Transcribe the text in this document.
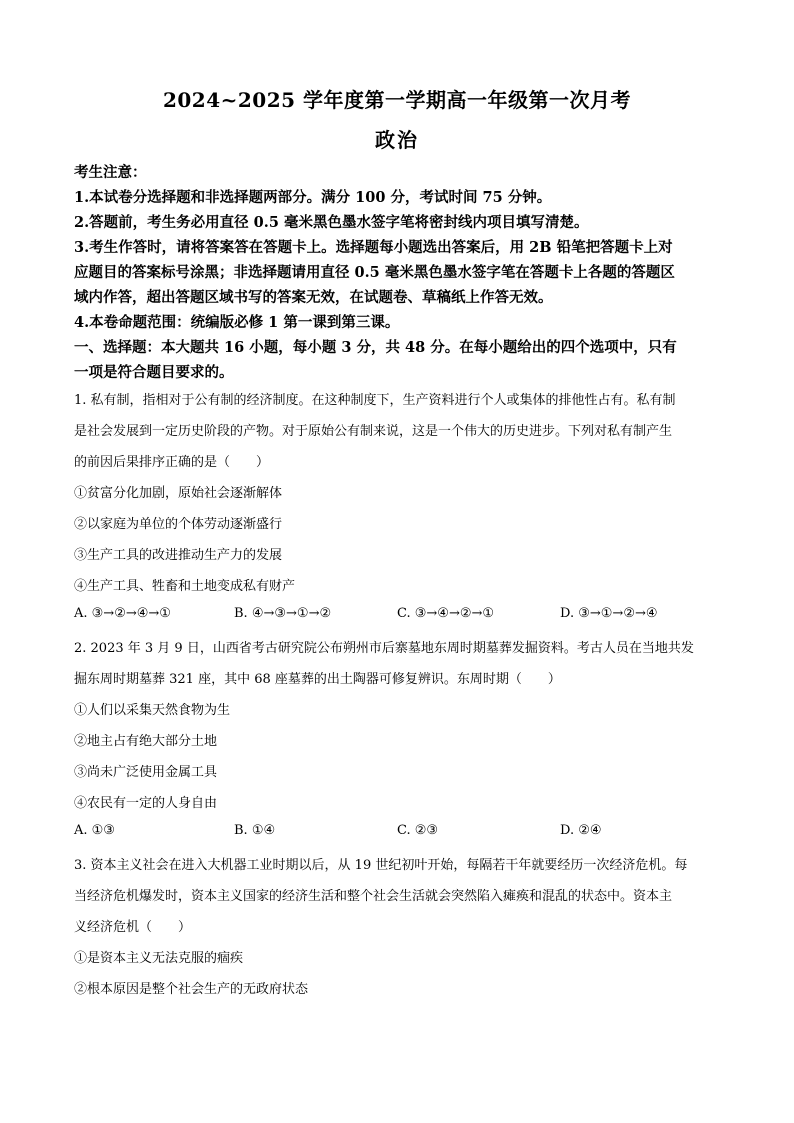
2024~2025 学年度第一学期高一年级第一次月考
政治
考生注意：
1.本试卷分选择题和非选择题两部分。满分 100 分，考试时间 75 分钟。
2.答题前，考生务必用直径 0.5 毫米黑色墨水签字笔将密封线内项目填写清楚。
3.考生作答时，请将答案答在答题卡上。选择题每小题选出答案后，用 2B 铅笔把答题卡上对
应题目的答案标号涂黑；非选择题请用直径 0.5 毫米黑色墨水签字笔在答题卡上各题的答题区
域内作答，超出答题区域书写的答案无效，在试题卷、草稿纸上作答无效。
4.本卷命题范围：统编版必修 1 第一课到第三课。
一、选择题：本大题共 16 小题，每小题 3 分，共 48 分。在每小题给出的四个选项中，只有
一项是符合题目要求的。
1. 私有制，指相对于公有制的经济制度。在这种制度下，生产资料进行个人或集体的排他性占有。私有制
是社会发展到一定历史阶段的产物。对于原始公有制来说，这是一个伟大的历史进步。下列对私有制产生
的前因后果排序正确的是（　　）
①贫富分化加剧，原始社会逐渐解体
②以家庭为单位的个体劳动逐渐盛行
③生产工具的改进推动生产力的发展
④生产工具、牲畜和土地变成私有财产
A. ③→②→④→①	B. ④→③→①→②	C. ③→④→②→①	D. ③→①→②→④
2. 2023 年 3 月 9 日，山西省考古研究院公布朔州市后寨墓地东周时期墓葬发掘资料。考古人员在当地共发
掘东周时期墓葬 321 座，其中 68 座墓葬的出土陶器可修复辨识。东周时期（　　）
①人们以采集天然食物为生
②地主占有绝大部分土地
③尚未广泛使用金属工具
④农民有一定的人身自由
A. ①③	B. ①④	C. ②③	D. ②④
3. 资本主义社会在进入大机器工业时期以后，从 19 世纪初叶开始，每隔若干年就要经历一次经济危机。每
当经济危机爆发时，资本主义国家的经济生活和整个社会生活就会突然陷入瘫痪和混乱的状态中。资本主
义经济危机（　　）
①是资本主义无法克服的痼疾
②根本原因是整个社会生产的无政府状态
